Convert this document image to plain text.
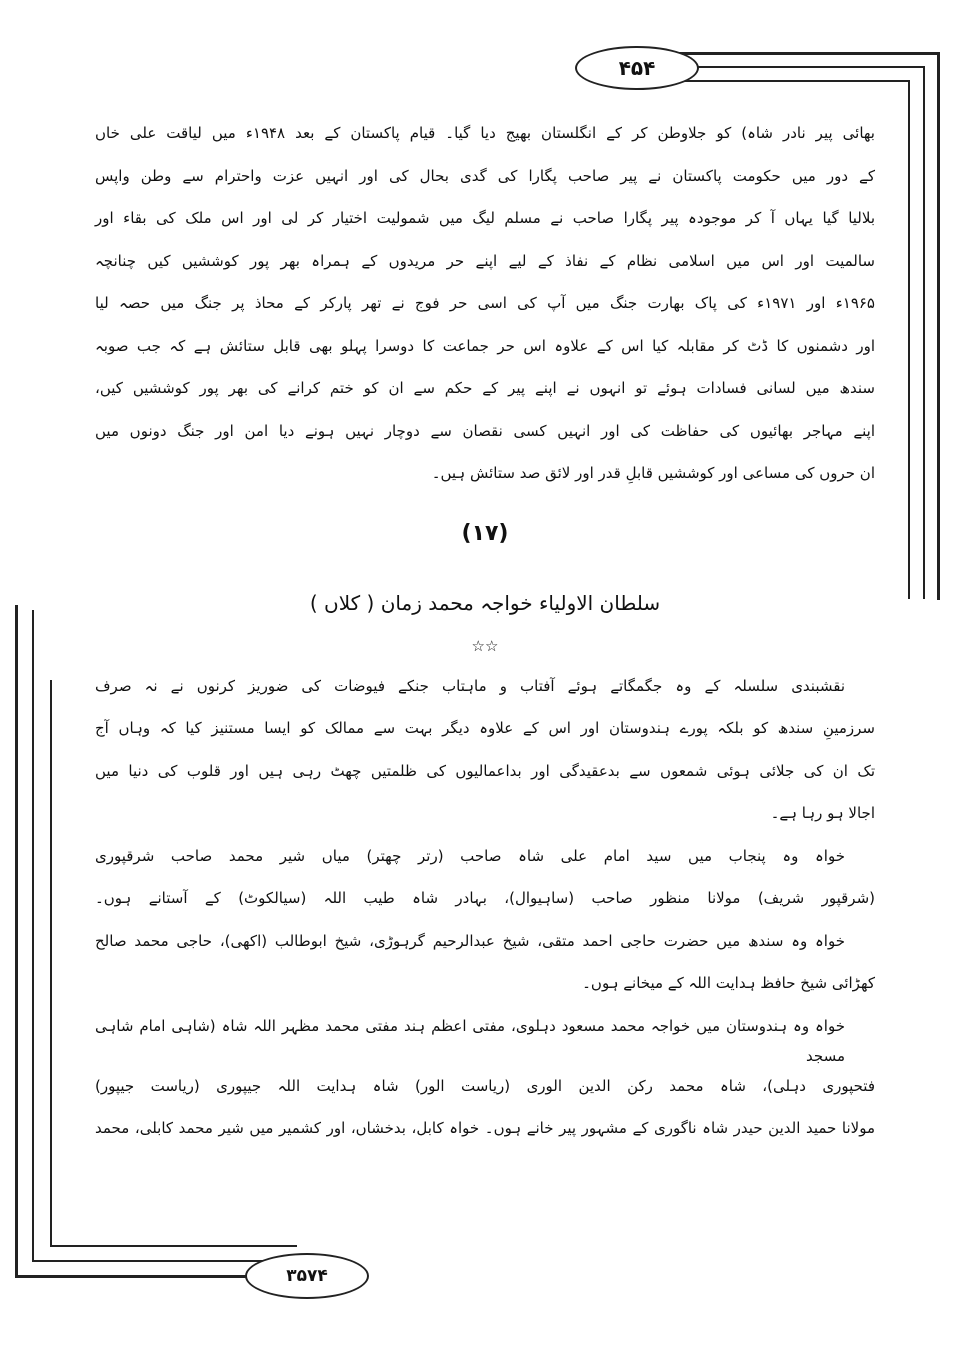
۴۵۴
۳۵۷۴
بھائی پیر نادر شاہ) کو جلاوطن کر کے انگلستان بھیج دیا گیا۔ قیام پاکستان کے بعد ۱۹۴۸ء میں لیاقت علی خاں
کے دور میں حکومت پاکستان نے پیر صاحب پگارا کی گدی بحال کی اور انہیں عزت واحترام سے وطن واپس
بلالیا گیا یہاں آ کر موجودہ پیر پگارا صاحب نے مسلم لیگ میں شمولیت اختیار کر لی اور اس ملک کی بقاء اور
سالمیت اور اس میں اسلامی نظام کے نفاذ کے لیے اپنے حر مریدوں کے ہمراہ بھر پور کوششیں کیں چنانچہ
۱۹۶۵ء اور ۱۹۷۱ء کی پاک بھارت جنگ میں آپ کی اسی حر فوج نے تھر پارکر کے محاذ پر جنگ میں حصہ لیا
اور دشمنوں کا ڈٹ کر مقابلہ کیا اس کے علاوہ اس حر جماعت کا دوسرا پہلو بھی قابل ستائش ہے کہ جب صوبہ
سندھ میں لسانی فسادات ہوئے تو انہوں نے اپنے پیر کے حکم سے ان کو ختم کرانے کی بھر پور کوششیں کیں،
اپنے مہاجر بھائیوں کی حفاظت کی اور انہیں کسی نقصان سے دوچار نہیں ہونے دیا امن اور جنگ دونوں میں
ان حروں کی مساعی اور کوششیں قابلِ قدر اور لائق صد ستائش ہیں۔
(۱۷)
سلطان الاولیاء خواجہ محمد زمان ( کلاں )
☆☆
نقشبندی سلسلہ کے وہ جگمگاتے ہوئے آفتاب و ماہتاب جنکے فیوضات کی ضوریز کرنوں نے نہ صرف
سرزمینِ سندھ کو بلکہ پورے ہندوستان اور اس کے علاوہ دیگر بہت سے ممالک کو ایسا مستنیز کیا کہ وہاں آج
تک ان کی جلائی ہوئی شمعوں سے بدعقیدگی اور بداعمالیوں کی ظلمتیں چھٹ رہی ہیں اور قلوب کی دنیا میں
اجالا ہو رہا ہے۔
خواہ وہ پنجاب میں سید امام علی شاہ صاحب (رتر چھتر) میاں شیر محمد صاحب شرقپوری
(شرقپور شریف) مولانا منظور صاحب (ساہیوال)، بہادر شاہ طیب اللہ (سیالکوٹ) کے آستانے ہوں۔
خواہ وہ سندھ میں حضرت حاجی احمد متقی، شیخ عبدالرحیم گرہوڑی، شیخ ابوطالب (اکھی)، حاجی محمد صالح
کھڑائی شیخ حافظ ہدایت اللہ کے میخانے ہوں۔
خواہ وہ ہندوستان میں خواجہ محمد مسعود دہلوی، مفتی اعظم ہند مفتی محمد مظہر اللہ شاہ (شاہی امام شاہی مسجد
فتحپوری دہلی)، شاہ محمد رکن الدین الوری (ریاست الور) شاہ ہدایت اللہ جیپوری (ریاست جیپور)
مولانا حمید الدین حیدر شاہ ناگوری کے مشہور پیر خانے ہوں۔ خواہ کابل، بدخشاں، اور کشمیر میں شیر محمد کابلی، محمد
